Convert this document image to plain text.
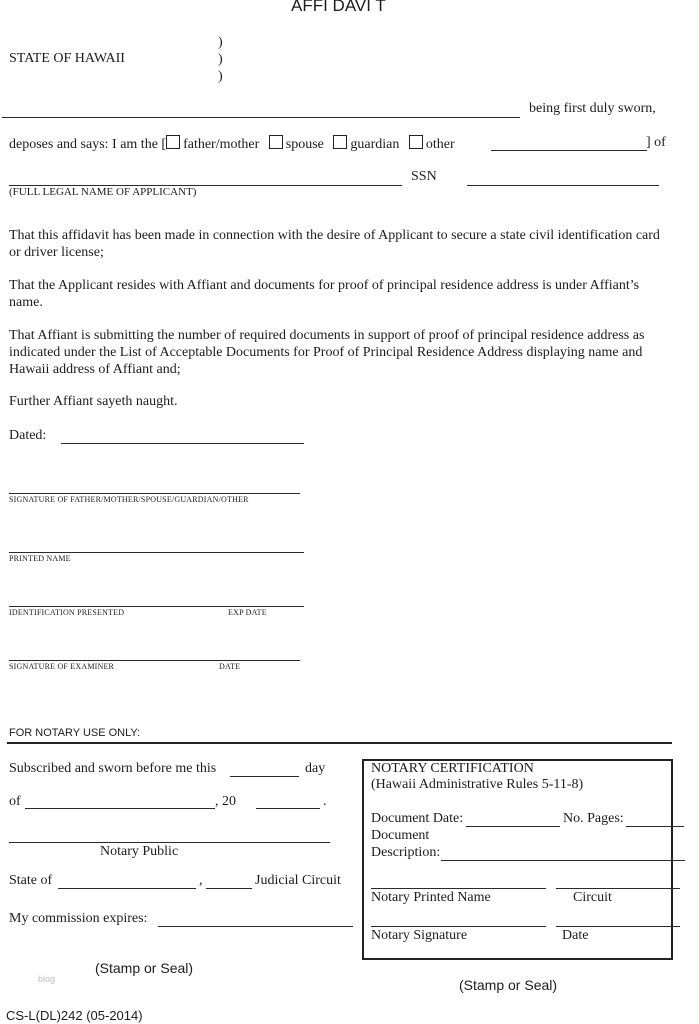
AFFI DAVI T
STATE OF HAWAII
)
)
)
being first duly sworn,
deposes and says: I am the [ father/mother spouse guardian other	] of
(FULL LEGAL NAME OF APPLICANT)
SSN
That this affidavit has been made in connection with the desire of Applicant to secure a state civil identification card or driver license;
That the Applicant resides with Affiant and documents for proof of principal residence address is under Affiant’s name.
That Affiant is submitting the number of required documents in support of proof of principal residence address as indicated under the List of Acceptable Documents for Proof of Principal Residence Address displaying name and Hawaii address of Affiant and;
Further Affiant sayeth naught.
Dated:
SIGNATURE OF FATHER/MOTHER/SPOUSE/GUARDIAN/OTHER
PRINTED NAME
IDENTIFICATION PRESENTED	EXP DATE
SIGNATURE OF EXAMINER	DATE
FOR NOTARY USE ONLY:
Subscribed and sworn before me this	day
of	, 20	.
Notary Public
State of	,	Judicial Circuit
My commission expires:
(Stamp or Seal)
NOTARY CERTIFICATION
(Hawaii Administrative Rules 5-11-8)
Document Date:	No. Pages:
Document
Description:
Notary Printed Name	Circuit
Notary Signature	Date
(Stamp or Seal)
blog
CS-L(DL)242 (05-2014)
